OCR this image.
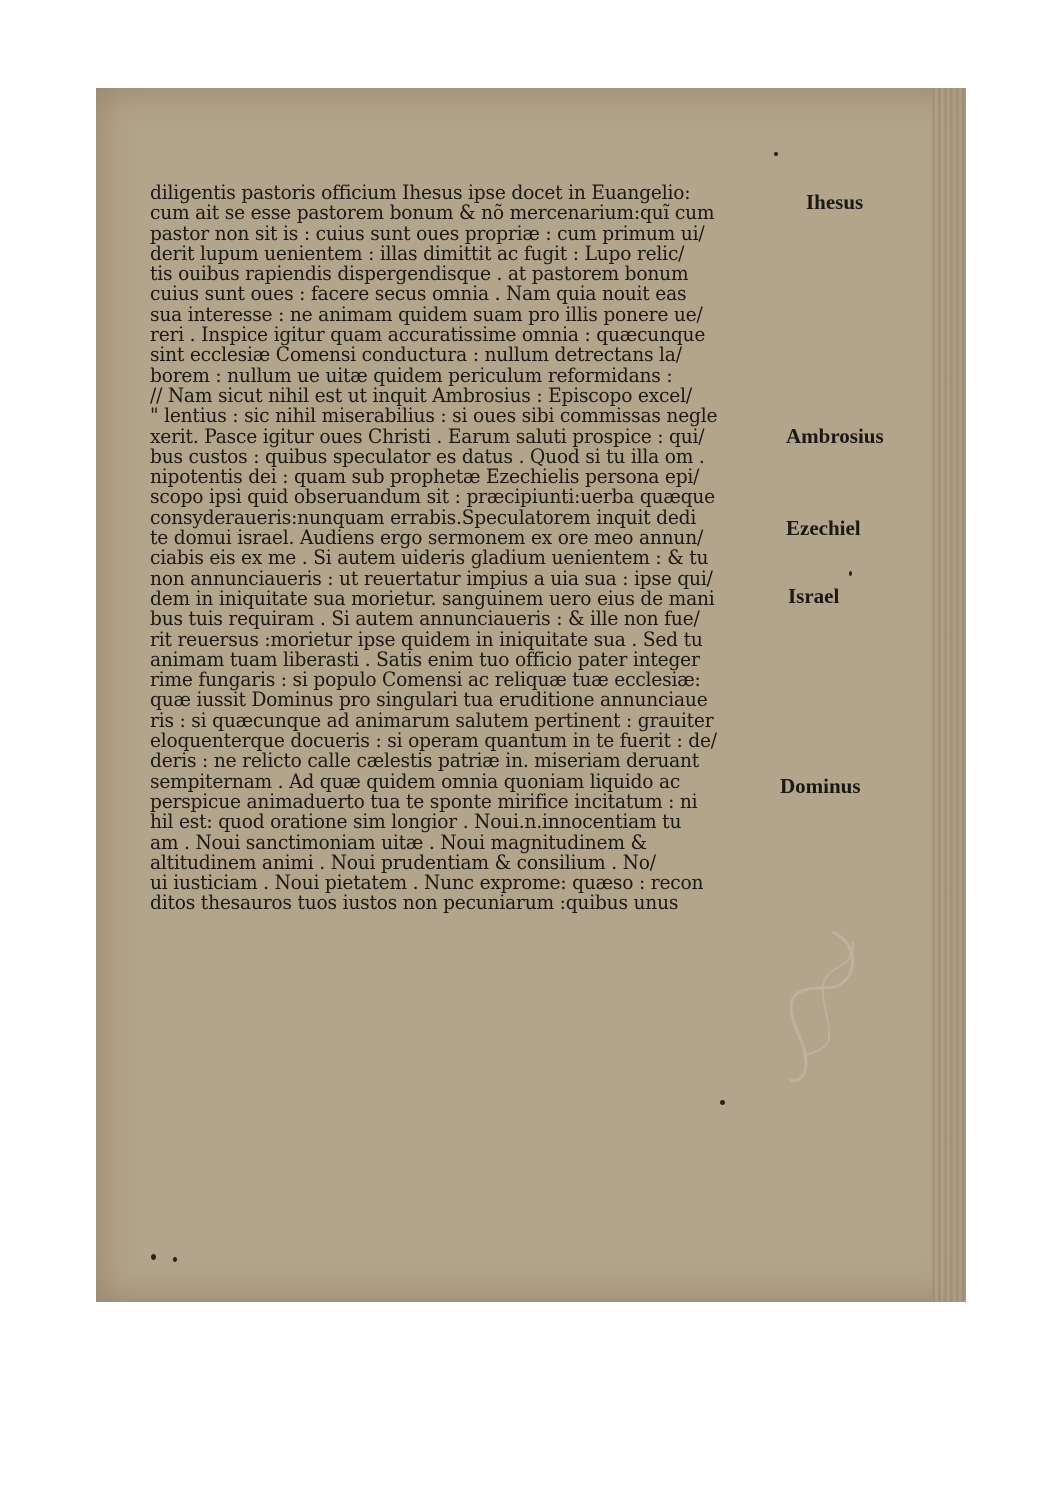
diligentis pastoris officium Ihesus ipse docet in Euangelio:
cum ait se esse pastorem bonum & nõ mercenarium:quĩ cum
pastor non sit is : cuius sunt oues propriæ : cum primum ui/
derit lupum uenientem : illas dimittit ac fugit : Lupo relic/
tis ouibus rapiendis dispergendisque . at pastorem bonum
cuius sunt oues : facere secus omnia . Nam quia nouit eas
sua interesse : ne animam quidem suam pro illis ponere ue/
reri . Inspice igitur quam accuratissime omnia : quæcunque
sint ecclesiæ Comensi conductura : nullum detrectans la/
borem : nullum ue uitæ quidem periculum reformidans :
// Nam sicut nihil est ut inquit Ambrosius : Episcopo excel/
" lentius : sic nihil miserabilius : si oues sibi commissas negle
xerit. Pasce igitur oues Christi . Earum saluti prospice : qui/
bus custos : quibus speculator es datus . Quod si tu illa om .
nipotentis dei : quam sub prophetæ Ezechielis persona epi/
scopo ipsi quid obseruandum sit : præcipiunti:uerba quæque
consyderaueris:nunquam errabis.Speculatorem inquit dedi
te domui israel. Audiens ergo sermonem ex ore meo annun/
ciabis eis ex me . Si autem uideris gladium uenientem : & tu
non annunciaueris : ut reuertatur impius a uia sua : ipse qui/
dem in iniquitate sua morietur. sanguinem uero eius de mani
bus tuis requiram . Si autem annunciaueris : & ille non fue/
rit reuersus :morietur ipse quidem in iniquitate sua . Sed tu
animam tuam liberasti . Satis enim tuo officio pater integer
rime fungaris : si populo Comensi ac reliquæ tuæ ecclesiæ:
quæ iussit Dominus pro singulari tua eruditione annunciaue
ris : si quæcunque ad animarum salutem pertinent : grauiter
eloquenterque docueris : si operam quantum in te fuerit : de/
deris : ne relicto calle cælestis patriæ in. miseriam deruant
sempiternam . Ad quæ quidem omnia quoniam liquido ac
perspicue animaduerto tua te sponte mirifice incitatum : ni
hil est: quod oratione sim longior . Noui.n.innocentiam tu
am . Noui sanctimoniam uitæ . Noui magnitudinem &
altitudinem animi . Noui prudentiam & consilium . No/
ui iusticiam . Noui pietatem . Nunc exprome: quæso : recon
ditos thesauros tuos iustos non pecuniarum :quibus unus
Ihesus
Ambrosius
Ezechiel
Israel
Dominus
